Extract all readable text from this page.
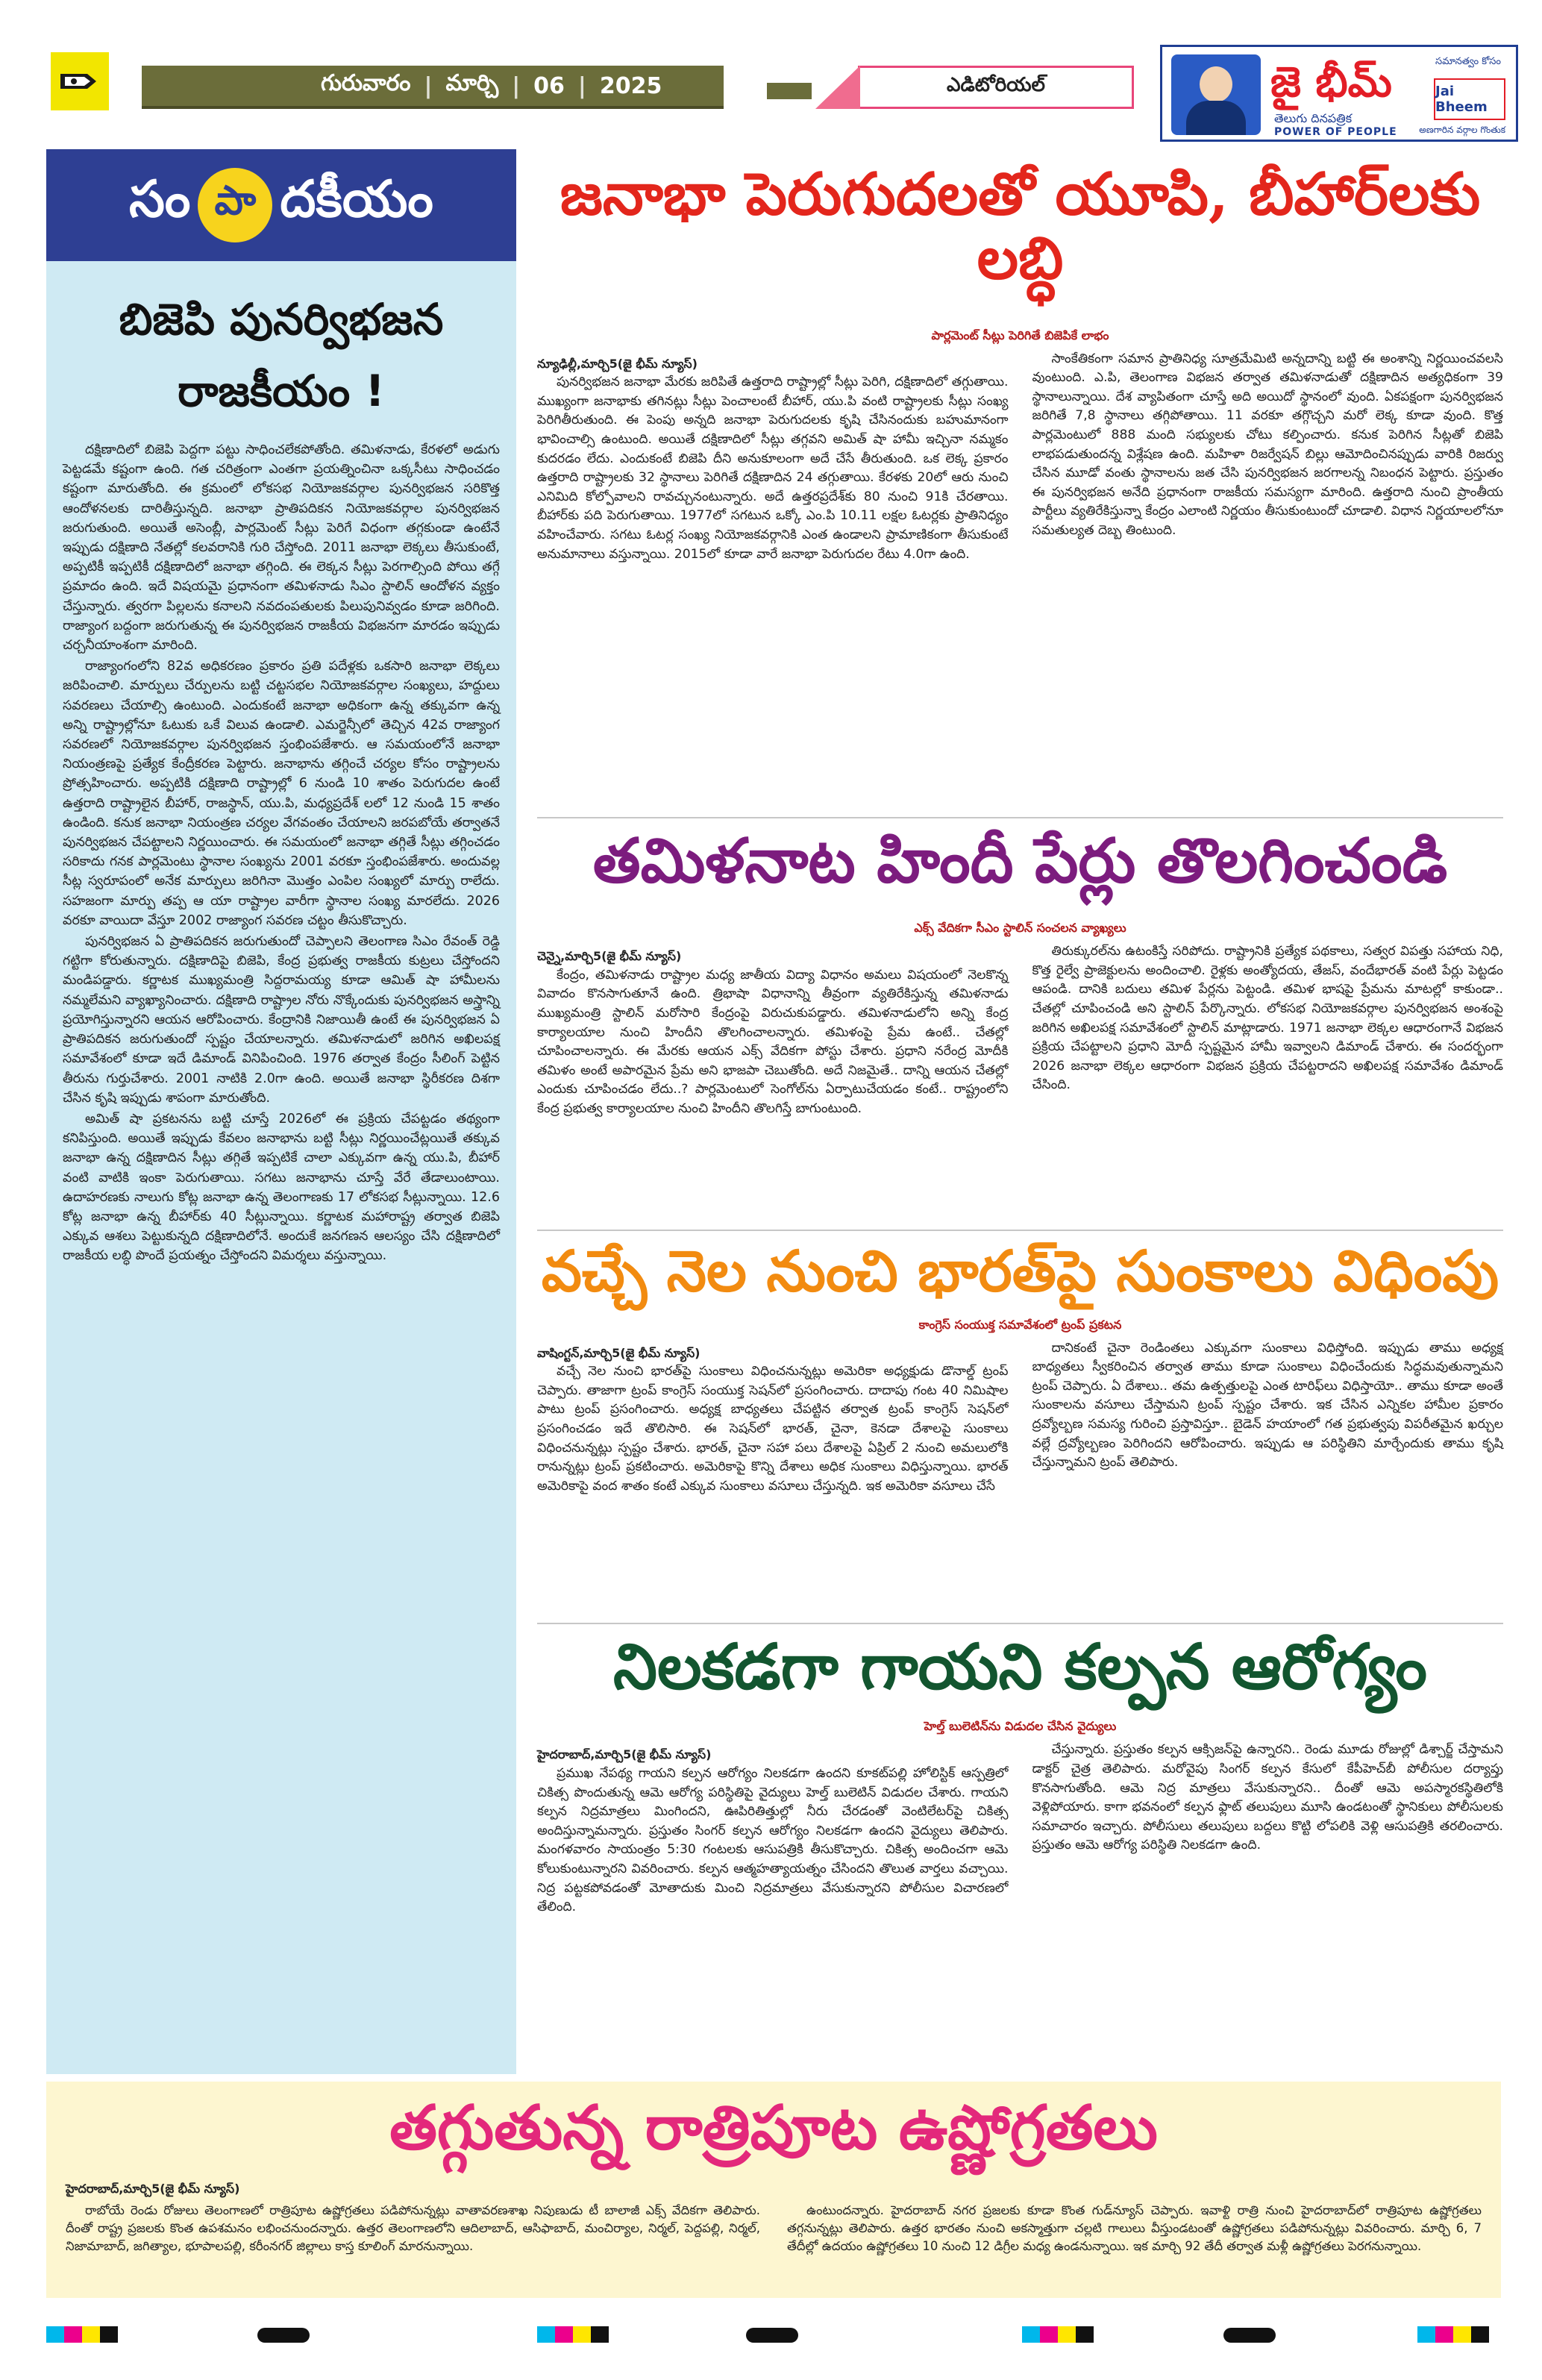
గురువారం | మార్చి | 06 | 2025	ఎడిటోరియల్	జై భీమ్
తెలుగు దినపత్రిక
POWER OF PEOPLE
సమానత్వం కోసం
Jai Bheem
అణగారిన వర్గాల గొంతుక
సం పా దకీయం
బిజెపి పునర్విభజన
రాజకీయం !

దక్షిణాదిలో బిజెపి పెద్దగా పట్టు సాధించలేకపోతోంది. తమిళనాడు, కేరళలో అడుగు పెట్టడమే కష్టంగా ఉంది. గత చరిత్రంగా ఎంతగా ప్రయత్నించినా ఒక్కసీటు సాధించడం కష్టంగా మారుతోంది. ఈ క్రమంలో లోకసభ నియోజకవర్గాల పునర్విభజన సరికొత్త ఆందోళనలకు దారితీస్తున్నది. జనాభా ప్రాతిపదికన నియోజకవర్గాల పునర్విభజన జరుగుతుంది. అయితే అసెంబ్లీ, పార్లమెంట్ సీట్లు పెరిగే విధంగా తగ్గకుండా ఉంటేనే ఇప్పుడు దక్షిణాది నేతల్లో కలవరానికి గురి చేస్తోంది. 2011 జనాభా లెక్కలు తీసుకుంటే, అప్పటికీ ఇప్పటికీ దక్షిణాదిలో జనాభా తగ్గింది. ఈ లెక్కన సీట్లు పెరగాల్సింది పోయి తగ్గే ప్రమాదం ఉంది. ఇదే విషయమై ప్రధానంగా తమిళనాడు సిఎం స్టాలిన్ ఆందోళన వ్యక్తం చేస్తున్నారు. త్వరగా పిల్లలను కనాలని నవదంపతులకు పిలుపునివ్వడం కూడా జరిగింది. రాజ్యాంగ బద్దంగా జరుగుతున్న ఈ పునర్విభజన రాజకీయ విభజనగా మారడం ఇప్పుడు చర్చనీయాంశంగా మారింది.

రాజ్యాంగంలోని 82వ అధికరణం ప్రకారం ప్రతి పదేళ్లకు ఒకసారి జనాభా లెక్కలు జరిపించాలి. మార్పులు చేర్పులను బట్టి చట్టసభల నియోజకవర్గాల సంఖ్యలు, హద్దులు సవరణలు చేయాల్సి ఉంటుంది. ఎందుకంటే జనాభా అధికంగా ఉన్న తక్కువగా ఉన్న అన్ని రాష్ట్రాల్లోనూ ఓటుకు ఒకే విలువ ఉండాలి. ఎమర్జెన్సీలో తెచ్చిన 42వ రాజ్యాంగ సవరణలో నియోజకవర్గాల పునర్విభజన స్తంభింపజేశారు. ఆ సమయంలోనే జనాభా నియంత్రణపై ప్రత్యేక కేంద్రీకరణ పెట్టారు. జనాభాను తగ్గించే చర్యల కోసం రాష్ట్రాలను ప్రోత్సహించారు. అప్పటికి దక్షిణాది రాష్ట్రాల్లో 6 నుండి 10 శాతం పెరుగుదల ఉంటే ఉత్తరాది రాష్ట్రాలైన బీహార్, రాజస్థాన్, యు.పి, మధ్యప్రదేశ్ లలో 12 నుండి 15 శాతం ఉండింది. కనుక జనాభా నియంత్రణ చర్యల వేగవంతం చేయాలని జరపబోయే తర్వాతనే పునర్విభజన చేపట్టాలని నిర్ణయించారు. ఈ సమయంలో జనాభా తగ్గితే సీట్లు తగ్గించడం సరికాదు గనక పార్లమెంటు స్థానాల సంఖ్యను 2001 వరకూ స్తంభింపజేశారు. అందువల్ల సీట్ల స్వరూపంలో అనేక మార్పులు జరిగినా మొత్తం ఎంపిల సంఖ్యలో మార్పు రాలేదు. సహజంగా మార్పు తప్ప ఆ యా రాష్ట్రాల వారీగా స్థానాల సంఖ్య మారలేదు. 2026 వరకూ వాయిదా వేస్తూ 2002 రాజ్యాంగ సవరణ చట్టం తీసుకొచ్చారు.

పునర్విభజన ఏ ప్రాతిపదికన జరుగుతుందో చెప్పాలని తెలంగాణ సిఎం రేవంత్ రెడ్డి గట్టిగా కోరుతున్నారు. దక్షిణాదిపై బిజెపి, కేంద్ర ప్రభుత్వ రాజకీయ కుట్రలు చేస్తోందని మండిపడ్డారు. కర్ణాటక ముఖ్యమంత్రి సిద్దరామయ్య కూడా ఆమిత్ షా హామీలను నమ్మలేమని వ్యాఖ్యానించారు. దక్షిణాది రాష్ట్రాల నోరు నొక్కేందుకు పునర్విభజన అస్త్రాన్ని ప్రయోగిస్తున్నారని ఆయన ఆరోపించారు. కేంద్రానికి నిజాయితీ ఉంటే ఈ పునర్విభజన ఏ ప్రాతిపదికన జరుగుతుందో స్పష్టం చేయాలన్నారు. తమిళనాడులో జరిగిన అఖిలపక్ష సమావేశంలో కూడా ఇదే డిమాండ్ వినిపించింది. 1976 తర్వాత కేంద్రం సీలింగ్ పెట్టిన తీరును గుర్తుచేశారు. 2001 నాటికి 2.0గా ఉంది. అయితే జనాభా స్థిరీకరణ దిశగా చేసిన కృషి ఇప్పుడు శాపంగా మారుతోంది.

అమిత్ షా ప్రకటనను బట్టి చూస్తే 2026లో ఈ ప్రక్రియ చేపట్టడం తథ్యంగా కనిపిస్తుంది. అయితే ఇప్పుడు కేవలం జనాభాను బట్టి సీట్లు నిర్ణయించేట్లయితే తక్కువ జనాభా ఉన్న దక్షిణాదిన సీట్లు తగ్గితే ఇప్పటికే చాలా ఎక్కువగా ఉన్న యు.పి, బీహార్ వంటి వాటికి ఇంకా పెరుగుతాయి. సగటు జనాభాను చూస్తే వేరే తేడాలుంటాయి. ఉదాహరణకు నాలుగు కోట్ల జనాభా ఉన్న తెలంగాణకు 17 లోకసభ సీట్లున్నాయి. 12.6 కోట్ల జనాభా ఉన్న బీహార్‌కు 40 సీట్లున్నాయి. కర్ణాటక మహారాష్ట్ర తర్వాత బిజెపి ఎక్కువ ఆశలు పెట్టుకున్నది దక్షిణాదిలోనే. అందుకే జనగణన ఆలస్యం చేసి దక్షిణాదిలో రాజకీయ లబ్ధి పొందే ప్రయత్నం చేస్తోందని విమర్శలు వస్తున్నాయి.

జనాభా పెరుగుదలతో యూపి, బీహార్‌లకు లబ్ధి
పార్లమెంట్ సీట్లు పెరిగితే బిజెపికే లాభం
న్యూఢిల్లీ,మార్చి5(జై భీమ్ న్యూస్)

పునర్విభజన జనాభా మేరకు జరిపితే ఉత్తరాది రాష్ట్రాల్లో సీట్లు పెరిగి, దక్షిణాదిలో తగ్గుతాయి. ముఖ్యంగా జనాభాకు తగినట్లు సీట్లు పెంచాలంటే బీహార్, యు.పి వంటి రాష్ట్రాలకు సీట్లు సంఖ్య పెరిగితీరుతుంది. ఈ పెంపు అన్నది జనాభా పెరుగుదలకు కృషి చేసినందుకు బహుమానంగా భావించాల్సి ఉంటుంది. అయితే దక్షిణాదిలో సీట్లు తగ్గవని అమిత్ షా హామీ ఇచ్చినా నమ్మకం కుదరడం లేదు. ఎందుకంటే బిజెపి దీని అనుకూలంగా అదే చేసే తీరుతుంది. ఒక లెక్క ప్రకారం ఉత్తరాది రాష్ట్రాలకు 32 స్థానాలు పెరిగితే దక్షిణాదిన 24 తగ్గుతాయి. కేరళకు 20లో ఆరు నుంచి ఎనిమిది కోల్పోవాలని రావచ్చునంటున్నారు. అదే ఉత్తరప్రదేశ్‌కు 80 నుంచి 91కి చేరతాయి. బీహార్‌కు పది పెరుగుతాయి. 1977లో సగటున ఒక్కో ఎం.పి 10.11 లక్షల ఓటర్లకు ప్రాతినిధ్యం వహించేవారు. సగటు ఓటర్ల సంఖ్య నియోజకవర్గానికి ఎంత ఉండాలని ప్రామాణికంగా తీసుకుంటే అనుమానాలు వస్తున్నాయి. 2015లో కూడా వారే జనాభా పెరుగుదల రేటు 4.0గా ఉంది.

సాంకేతికంగా సమాన ప్రాతినిధ్య సూత్రమేమిటి అన్నదాన్ని బట్టి ఈ అంశాన్ని నిర్ణయించవలసి వుంటుంది. ఎ.పి, తెలంగాణ విభజన తర్వాత తమిళనాడుతో దక్షిణాదిన అత్యధికంగా 39 స్థానాలున్నాయి. దేశ వ్యాపితంగా చూస్తే అది అయిదో స్థానంలో వుంది. ఏకపక్షంగా పునర్విభజన జరిగితే 7,8 స్థానాలు తగ్గిపోతాయి. 11 వరకూ తగ్గొచ్చని మరో లెక్క కూడా వుంది. కొత్త పార్లమెంటులో 888 మంది సభ్యులకు చోటు కల్పించారు. కనుక పెరిగిన సీట్లతో బిజెపి లాభపడుతుందన్న విశ్లేషణ ఉంది. మహిళా రిజర్వేషన్ బిల్లు ఆమోదించినప్పుడు వారికి రిజర్వు చేసిన మూడో వంతు స్థానాలను జత చేసి పునర్విభజన జరగాలన్న నిబంధన పెట్టారు. ప్రస్తుతం ఈ పునర్విభజన అనేది ప్రధానంగా రాజకీయ సమస్యగా మారింది. ఉత్తరాది నుంచి ప్రాంతీయ పార్టీలు వ్యతిరేకిస్తున్నా కేంద్రం ఎలాంటి నిర్ణయం తీసుకుంటుందో చూడాలి. విధాన నిర్ణయాలలోనూ సమతుల్యత దెబ్బ తింటుంది.

తమిళనాట హిందీ పేర్లు తొలగించండి
ఎక్స్ వేదికగా సీఎం స్టాలిన్ సంచలన వ్యాఖ్యలు
చెన్నై,మార్చి5(జై భీమ్ న్యూస్)

కేంద్రం, తమిళనాడు రాష్ట్రాల మధ్య జాతీయ విద్యా విధానం అమలు విషయంలో నెలకొన్న వివాదం కొనసాగుతూనే ఉంది. త్రిభాషా విధానాన్ని తీవ్రంగా వ్యతిరేకిస్తున్న తమిళనాడు ముఖ్యమంత్రి స్టాలిన్ మరోసారి కేంద్రంపై విరుచుకుపడ్డారు. తమిళనాడులోని అన్ని కేంద్ర కార్యాలయాల నుంచి హిందీని తొలగించాలన్నారు. తమిళంపై ప్రేమ ఉంటే.. చేతల్లో చూపించాలన్నారు. ఈ మేరకు ఆయన ఎక్స్ వేదికగా పోస్టు చేశారు. ప్రధాని నరేంద్ర మోదీకి తమిళం అంటే అపారమైన ప్రేమ అని భాజపా చెబుతోంది. అదే నిజమైతే.. దాన్ని ఆయన చేతల్లో ఎందుకు చూపించడం లేదు..? పార్లమెంటులో సెంగోల్‌ను ఏర్పాటుచేయడం కంటే.. రాష్ట్రంలోని కేంద్ర ప్రభుత్వ కార్యాలయాల నుంచి హిందీని తొలగిస్తే బాగుంటుంది.

తిరుక్కురల్‌ను ఉటంకిస్తే సరిపోదు. రాష్ట్రానికి ప్రత్యేక పథకాలు, సత్వర విపత్తు సహాయ నిధి, కొత్త రైల్వే ప్రాజెక్టులను అందించాలి. రైళ్లకు అంత్యోదయ, తేజస్, వందేభారత్ వంటి పేర్లు పెట్టడం ఆపండి. దానికి బదులు తమిళ పేర్లను పెట్టండి. తమిళ భాషపై ప్రేమను మాటల్లో కాకుండా.. చేతల్లో చూపించండి అని స్టాలిన్ పేర్కొన్నారు. లోకసభ నియోజకవర్గాల పునర్విభజన అంశంపై జరిగిన అఖిలపక్ష సమావేశంలో స్టాలిన్ మాట్లాడారు. 1971 జనాభా లెక్కల ఆధారంగానే విభజన ప్రక్రియ చేపట్టాలని ప్రధాని మోదీ స్పష్టమైన హామీ ఇవ్వాలని డిమాండ్ చేశారు. ఈ సందర్భంగా 2026 జనాభా లెక్కల ఆధారంగా విభజన ప్రక్రియ చేపట్టరాదని అఖిలపక్ష సమావేశం డిమాండ్ చేసింది.

వచ్చే నెల నుంచి భారత్‌పై సుంకాలు విధింపు
కాంగ్రెస్ సంయుక్త సమావేశంలో ట్రంప్ ప్రకటన
వాషింగ్టన్,మార్చి5(జై భీమ్ న్యూస్)

వచ్చే నెల నుంచి భారత్‌పై సుంకాలు విధించనున్నట్లు అమెరికా అధ్యక్షుడు డొనాల్డ్ ట్రంప్ చెప్పారు. తాజాగా ట్రంప్ కాంగ్రెస్ సంయుక్త సెషన్‌లో ప్రసంగించారు. దాదాపు గంట 40 నిమిషాల పాటు ట్రంప్ ప్రసంగించారు. అధ్యక్ష బాధ్యతలు చేపట్టిన తర్వాత ట్రంప్ కాంగ్రెస్ సెషన్‌లో ప్రసంగించడం ఇదే తొలిసారి. ఈ సెషన్‌లో భారత్, చైనా, కెనడా దేశాలపై సుంకాలు విధించనున్నట్లు స్పష్టం చేశారు. భారత్, చైనా సహా పలు దేశాలపై ఏప్రిల్ 2 నుంచి అమలులోకి రానున్నట్లు ట్రంప్ ప్రకటించారు. అమెరికాపై కొన్ని దేశాలు అధిక సుంకాలు విధిస్తున్నాయి. భారత్ అమెరికాపై వంద శాతం కంటే ఎక్కువ సుంకాలు వసూలు చేస్తున్నది. ఇక అమెరికా వసూలు చేసే

దానికంటే చైనా రెండింతలు ఎక్కువగా సుంకాలు విధిస్తోంది. ఇప్పుడు తాము అధ్యక్ష బాధ్యతలు స్వీకరించిన తర్వాత తాము కూడా సుంకాలు విధించేందుకు సిద్ధమవుతున్నామని ట్రంప్ చెప్పారు. ఏ దేశాలు.. తమ ఉత్పత్తులపై ఎంత టారిఫ్‌లు విధిస్తాయో.. తాము కూడా అంతే సుంకాలను వసూలు చేస్తామని ట్రంప్ స్పష్టం చేశారు. ఇక చేసిన ఎన్నికల హామీల ప్రకారం ద్రవ్యోల్బణ సమస్య గురించి ప్రస్తావిస్తూ.. బైడెన్ హయాంలో గత ప్రభుత్వపు విపరీతమైన ఖర్చుల వల్లే ద్రవ్యోల్బణం పెరిగిందని ఆరోపించారు. ఇప్పుడు ఆ పరిస్థితిని మార్చేందుకు తాము కృషి చేస్తున్నామని ట్రంప్ తెలిపారు.

నిలకడగా గాయని కల్పన ఆరోగ్యం
హెల్త్ బులెటిన్‌ను విడుదల చేసిన వైద్యులు
హైదరాబాద్,మార్చి5(జై భీమ్ న్యూస్)

ప్రముఖ నేపథ్య గాయని కల్పన ఆరోగ్యం నిలకడగా ఉందని కూకట్‌పల్లి హోలిస్టిక్ ఆస్పత్రిలో చికిత్స పొందుతున్న ఆమె ఆరోగ్య పరిస్థితిపై వైద్యులు హెల్త్ బులెటిన్ విడుదల చేశారు. గాయని కల్పన నిద్రమాత్రలు మింగిందని, ఊపిరితిత్తుల్లో నీరు చేరడంతో వెంటిలేటర్‌పై చికిత్స అందిస్తున్నామన్నారు. ప్రస్తుతం సింగర్ కల్పన ఆరోగ్యం నిలకడగా ఉందని వైద్యులు తెలిపారు. మంగళవారం సాయంత్రం 5:30 గంటలకు ఆసుపత్రికి తీసుకొచ్చారు. చికిత్స అందించగా ఆమె కోలుకుంటున్నారని వివరించారు. కల్పన ఆత్మహత్యాయత్నం చేసిందని తొలుత వార్తలు వచ్చాయి. నిద్ర పట్టకపోవడంతో మోతాదుకు మించి నిద్రమాత్రలు వేసుకున్నారని పోలీసుల విచారణలో తేలింది.

చేస్తున్నారు. ప్రస్తుతం కల్పన ఆక్సిజన్‌పై ఉన్నారని.. రెండు మూడు రోజుల్లో డిశ్చార్జ్ చేస్తామని డాక్టర్ చైత్ర తెలిపారు. మరోవైపు సింగర్ కల్పన కేసులో కేపీహెచ్‌బీ పోలీసుల దర్యాప్తు కొనసాగుతోంది. ఆమె నిద్ర మాత్రలు వేసుకున్నారని.. దీంతో ఆమె అపస్మారకస్థితిలోకి వెళ్లిపోయారు. కాగా భవనంలో కల్పన ఫ్లాట్ తలుపులు మూసి ఉండటంతో స్థానికులు పోలీసులకు సమాచారం ఇచ్చారు. పోలీసులు తలుపులు బద్దలు కొట్టి లోపలికి వెళ్లి ఆసుపత్రికి తరలించారు. ప్రస్తుతం ఆమె ఆరోగ్య పరిస్థితి నిలకడగా ఉంది.

తగ్గుతున్న రాత్రిపూట ఉష్ణోగ్రతలు
హైదరాబాద్,మార్చి5(జై భీమ్ న్యూస్)

రాబోయే రెండు రోజులు తెలంగాణలో రాత్రిపూట ఉష్ణోగ్రతలు పడిపోనున్నట్లు వాతావరణశాఖ నిపుణుడు టీ బాలాజీ ఎక్స్ వేదికగా తెలిపారు. దీంతో రాష్ట్ర ప్రజలకు కొంత ఉపశమనం లభించనుందన్నారు. ఉత్తర తెలంగాణలోని ఆదిలాబాద్, ఆసిఫాబాద్, మంచిర్యాల, నిర్మల్, పెద్దపల్లి, నిర్మల్, నిజామాబాద్, జగిత్యాల, భూపాలపల్లి, కరీంనగర్ జిల్లాలు కాస్త కూలింగ్ మారనున్నాయి.

ఉంటుందన్నారు. హైదరాబాద్ నగర ప్రజలకు కూడా కొంత గుడ్‌న్యూస్ చెప్పారు. ఇవాళ్టి రాత్రి నుంచి హైదరాబాద్‌లో రాత్రిపూట ఉష్ణోగ్రతలు తగ్గనున్నట్లు తెలిపారు. ఉత్తర భారతం నుంచి అకస్మాత్తుగా చల్లటి గాలులు వీస్తుండటంతో ఉష్ణోగ్రతలు పడిపోనున్నట్లు వివరించారు. మార్చి 6, 7 తేదీల్లో ఉదయం ఉష్ణోగ్రతలు 10 నుంచి 12 డిగ్రీల మధ్య ఉండనున్నాయి. ఇక మార్చి 92 తేదీ తర్వాత మళ్లీ ఉష్ణోగ్రతలు పెరగనున్నాయి.
